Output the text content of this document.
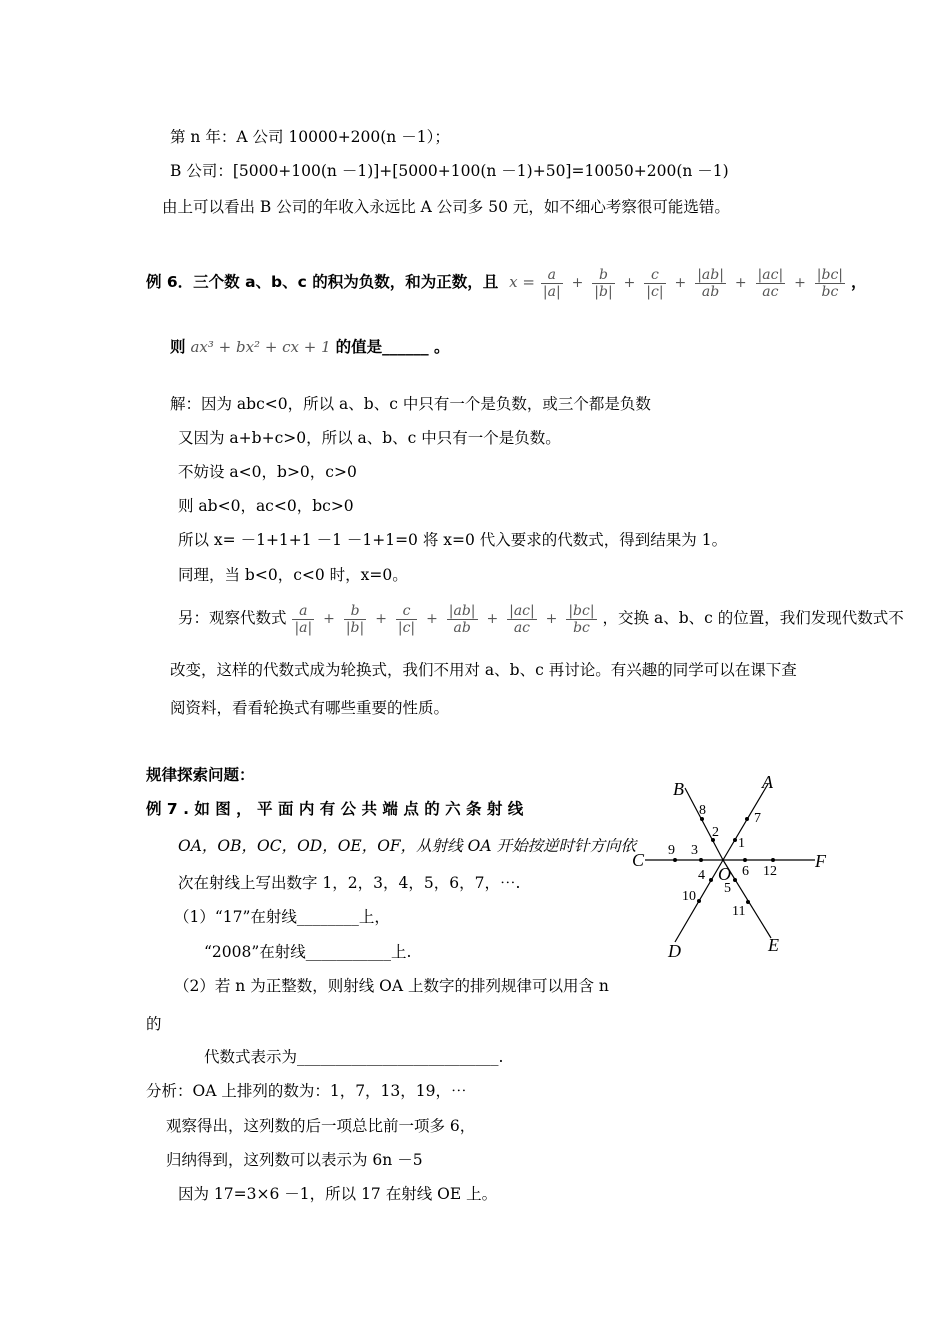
第 n 年：A 公司 10000+200(n －1）；
B 公司：[5000+100(n －1)]+[5000+100(n －1)+50]=10050+200(n －1)
由上可以看出 B 公司的年收入永远比 A 公司多 50 元，如不细心考察很可能选错。
例 6．三个数 a、b、c 的积为负数，和为正数，且 $x = \frac{a}{|a|} + \frac{b}{|b|} + \frac{c}{|c|} + \frac{|ab|}{ab} + \frac{|ac|}{ac} + \frac{|bc|}{bc}$ ，
则 ax³ + bx² + cx + 1 的值是______ 。
解：因为 abc<0，所以 a、b、c 中只有一个是负数，或三个都是负数
又因为 a+b+c>0，所以 a、b、c 中只有一个是负数。
不妨设 a<0，b>0，c>0
则 ab<0，ac<0，bc>0
所以 x= －1+1+1 －1 －1+1=0 将 x=0 代入要求的代数式，得到结果为 1。
同理，当 b<0，c<0 时，x=0。
另：观察代数式 $\frac{a}{|a|} + \frac{b}{|b|} + \frac{c}{|c|} + \frac{|ab|}{ab} + \frac{|ac|}{ac} + \frac{|bc|}{bc}$ ，交换 a、b、c 的位置，我们发现代数式不
改变，这样的代数式成为轮换式，我们不用对 a、b、c 再讨论。有兴趣的同学可以在课下查
阅资料，看看轮换式有哪些重要的性质。
规律探索问题：
例 7 . 如 图 ， 平 面 内 有 公 共 端 点 的 六 条 射 线
OA，OB，OC，OD，OE，OF，从射线 OA 开始按逆时针方向依
次在射线上写出数字 1，2，3，4，5，6，7，⋯.
（1）“17”在射线________上，
“2008”在射线___________上.
（2）若 n 为正整数，则射线 OA 上数字的排列规律可以用含 n
的
代数式表示为__________________________.
分析：OA 上排列的数为：1，7，13，19，⋯
观察得出，这列数的后一项总比前一项多 6，
归纳得到，这列数可以表示为 6n －5
因为 17=3×6 －1，所以 17 在射线 OE 上。
A
B
C
D	E
F
O
1
2
3
4
5
6
7
8
9
10
11
12
